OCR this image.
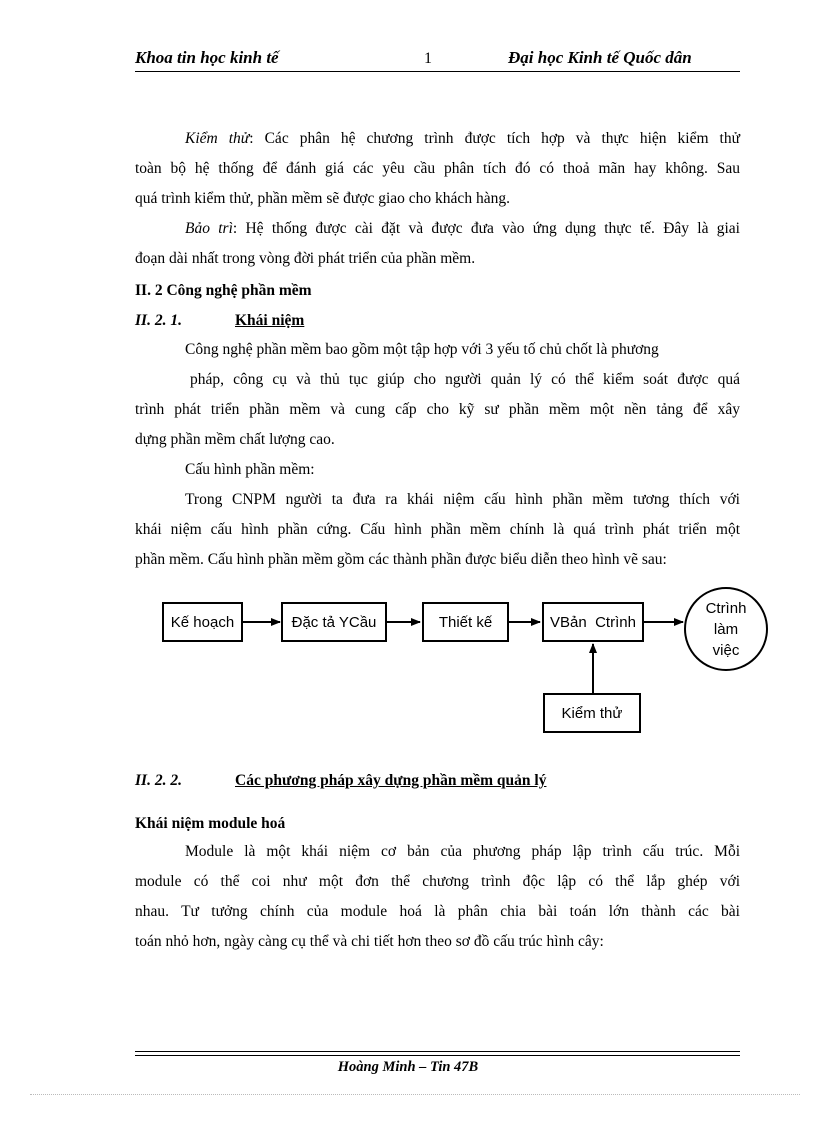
Khoa tin học kinh tế	1	Đại học Kinh tế Quốc dân
Kiểm thử: Các phân hệ chương trình được tích hợp và thực hiện kiểm thử
toàn bộ hệ thống để đánh giá các yêu cầu phân tích đó có thoả mãn hay không. Sau
quá trình kiểm thử, phần mềm sẽ được giao cho khách hàng.
Bảo trì: Hệ thống được cài đặt và được đưa vào ứng dụng thực tế. Đây là giai
đoạn dài nhất trong vòng đời phát triển của phần mềm.
II. 2 Công nghệ phần mềm
II. 2. 1.	Khái niệm
Công nghệ phần mềm bao gồm một tập hợp với 3 yếu tố chủ chốt là phương
pháp, công cụ và thủ tục giúp cho người quản lý có thể kiểm soát được quá
trình phát triển phần mềm và cung cấp cho kỹ sư phần mềm một nền tảng để xây
dựng phần mềm chất lượng cao.
Cấu hình phần mềm:
Trong CNPM người ta đưa ra khái niệm cấu hình phần mềm tương thích với
khái niệm cấu hình phần cứng. Cấu hình phần mềm chính là quá trình phát triển một
phần mềm. Cấu hình phần mềm gồm các thành phần được biểu diễn theo hình vẽ sau:
Kế hoạch	Đặc tả YCầu	Thiết kế	VBản  Ctrình
Kiểm thử
Ctrình
làm
việc
II. 2. 2.	Các phương pháp xây dựng phần mềm quản lý
Khái niệm module hoá
Module là một khái niệm cơ bản của phương pháp lập trình cấu trúc. Mỗi
module có thể coi như một đơn thể chương trình độc lập có thể lắp ghép với
nhau. Tư tưởng chính của module hoá là phân chia bài toán lớn thành các bài
toán nhỏ hơn, ngày càng cụ thể và chi tiết hơn theo sơ đồ cấu trúc hình cây:
Hoàng Minh – Tin 47B
